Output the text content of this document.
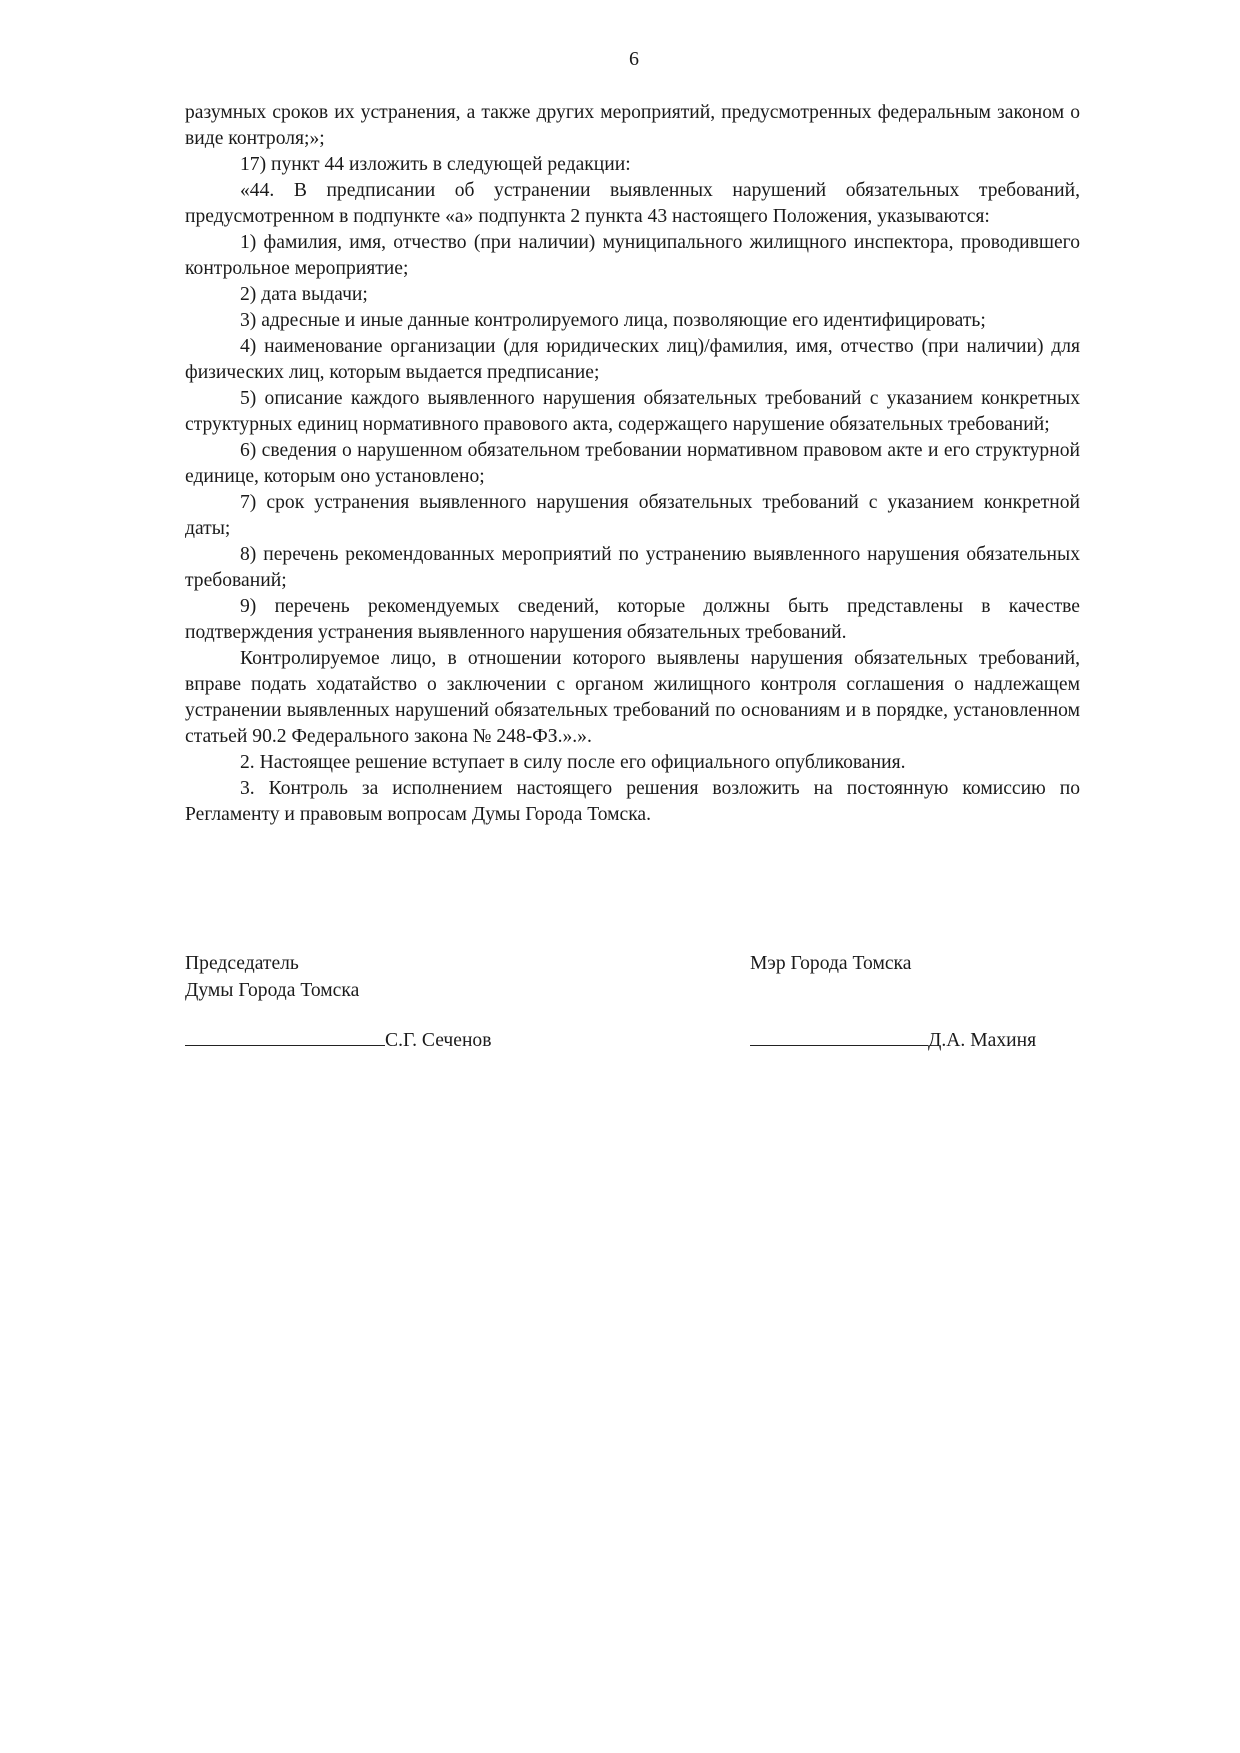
6

разумных сроков их устранения, а также других мероприятий, предусмотренных федеральным законом о виде контроля;»;

17) пункт 44 изложить в следующей редакции:

«44. В предписании об устранении выявленных нарушений обязательных требований, предусмотренном в подпункте «а» подпункта 2 пункта 43 настоящего Положения, указываются:

1) фамилия, имя, отчество (при наличии) муниципального жилищного инспектора, проводившего контрольное мероприятие;

2) дата выдачи;

3) адресные и иные данные контролируемого лица, позволяющие его идентифицировать;

4) наименование организации (для юридических лиц)/фамилия, имя, отчество (при наличии) для физических лиц, которым выдается предписание;

5) описание каждого выявленного нарушения обязательных требований с указанием конкретных структурных единиц нормативного правового акта, содержащего нарушение обязательных требований;

6) сведения о нарушенном обязательном требовании нормативном правовом акте и его структурной единице, которым оно установлено;

7) срок устранения выявленного нарушения обязательных требований с указанием конкретной даты;

8) перечень рекомендованных мероприятий по устранению выявленного нарушения обязательных требований;

9) перечень рекомендуемых сведений, которые должны быть представлены в качестве подтверждения устранения выявленного нарушения обязательных требований.

Контролируемое лицо, в отношении которого выявлены нарушения обязательных требований, вправе подать ходатайство о заключении с органом жилищного контроля соглашения о надлежащем устранении выявленных нарушений обязательных требований по основаниям и в порядке, установленном статьей 90.2 Федерального закона № 248-ФЗ.».».

2. Настоящее решение вступает в силу после его официального опубликования.

3. Контроль за исполнением настоящего решения возложить на постоянную комиссию по Регламенту и правовым вопросам Думы Города Томска.

Председатель
Думы Города Томска
С.Г. Сеченов
Мэр Города Томска

Д.А. Махиня
